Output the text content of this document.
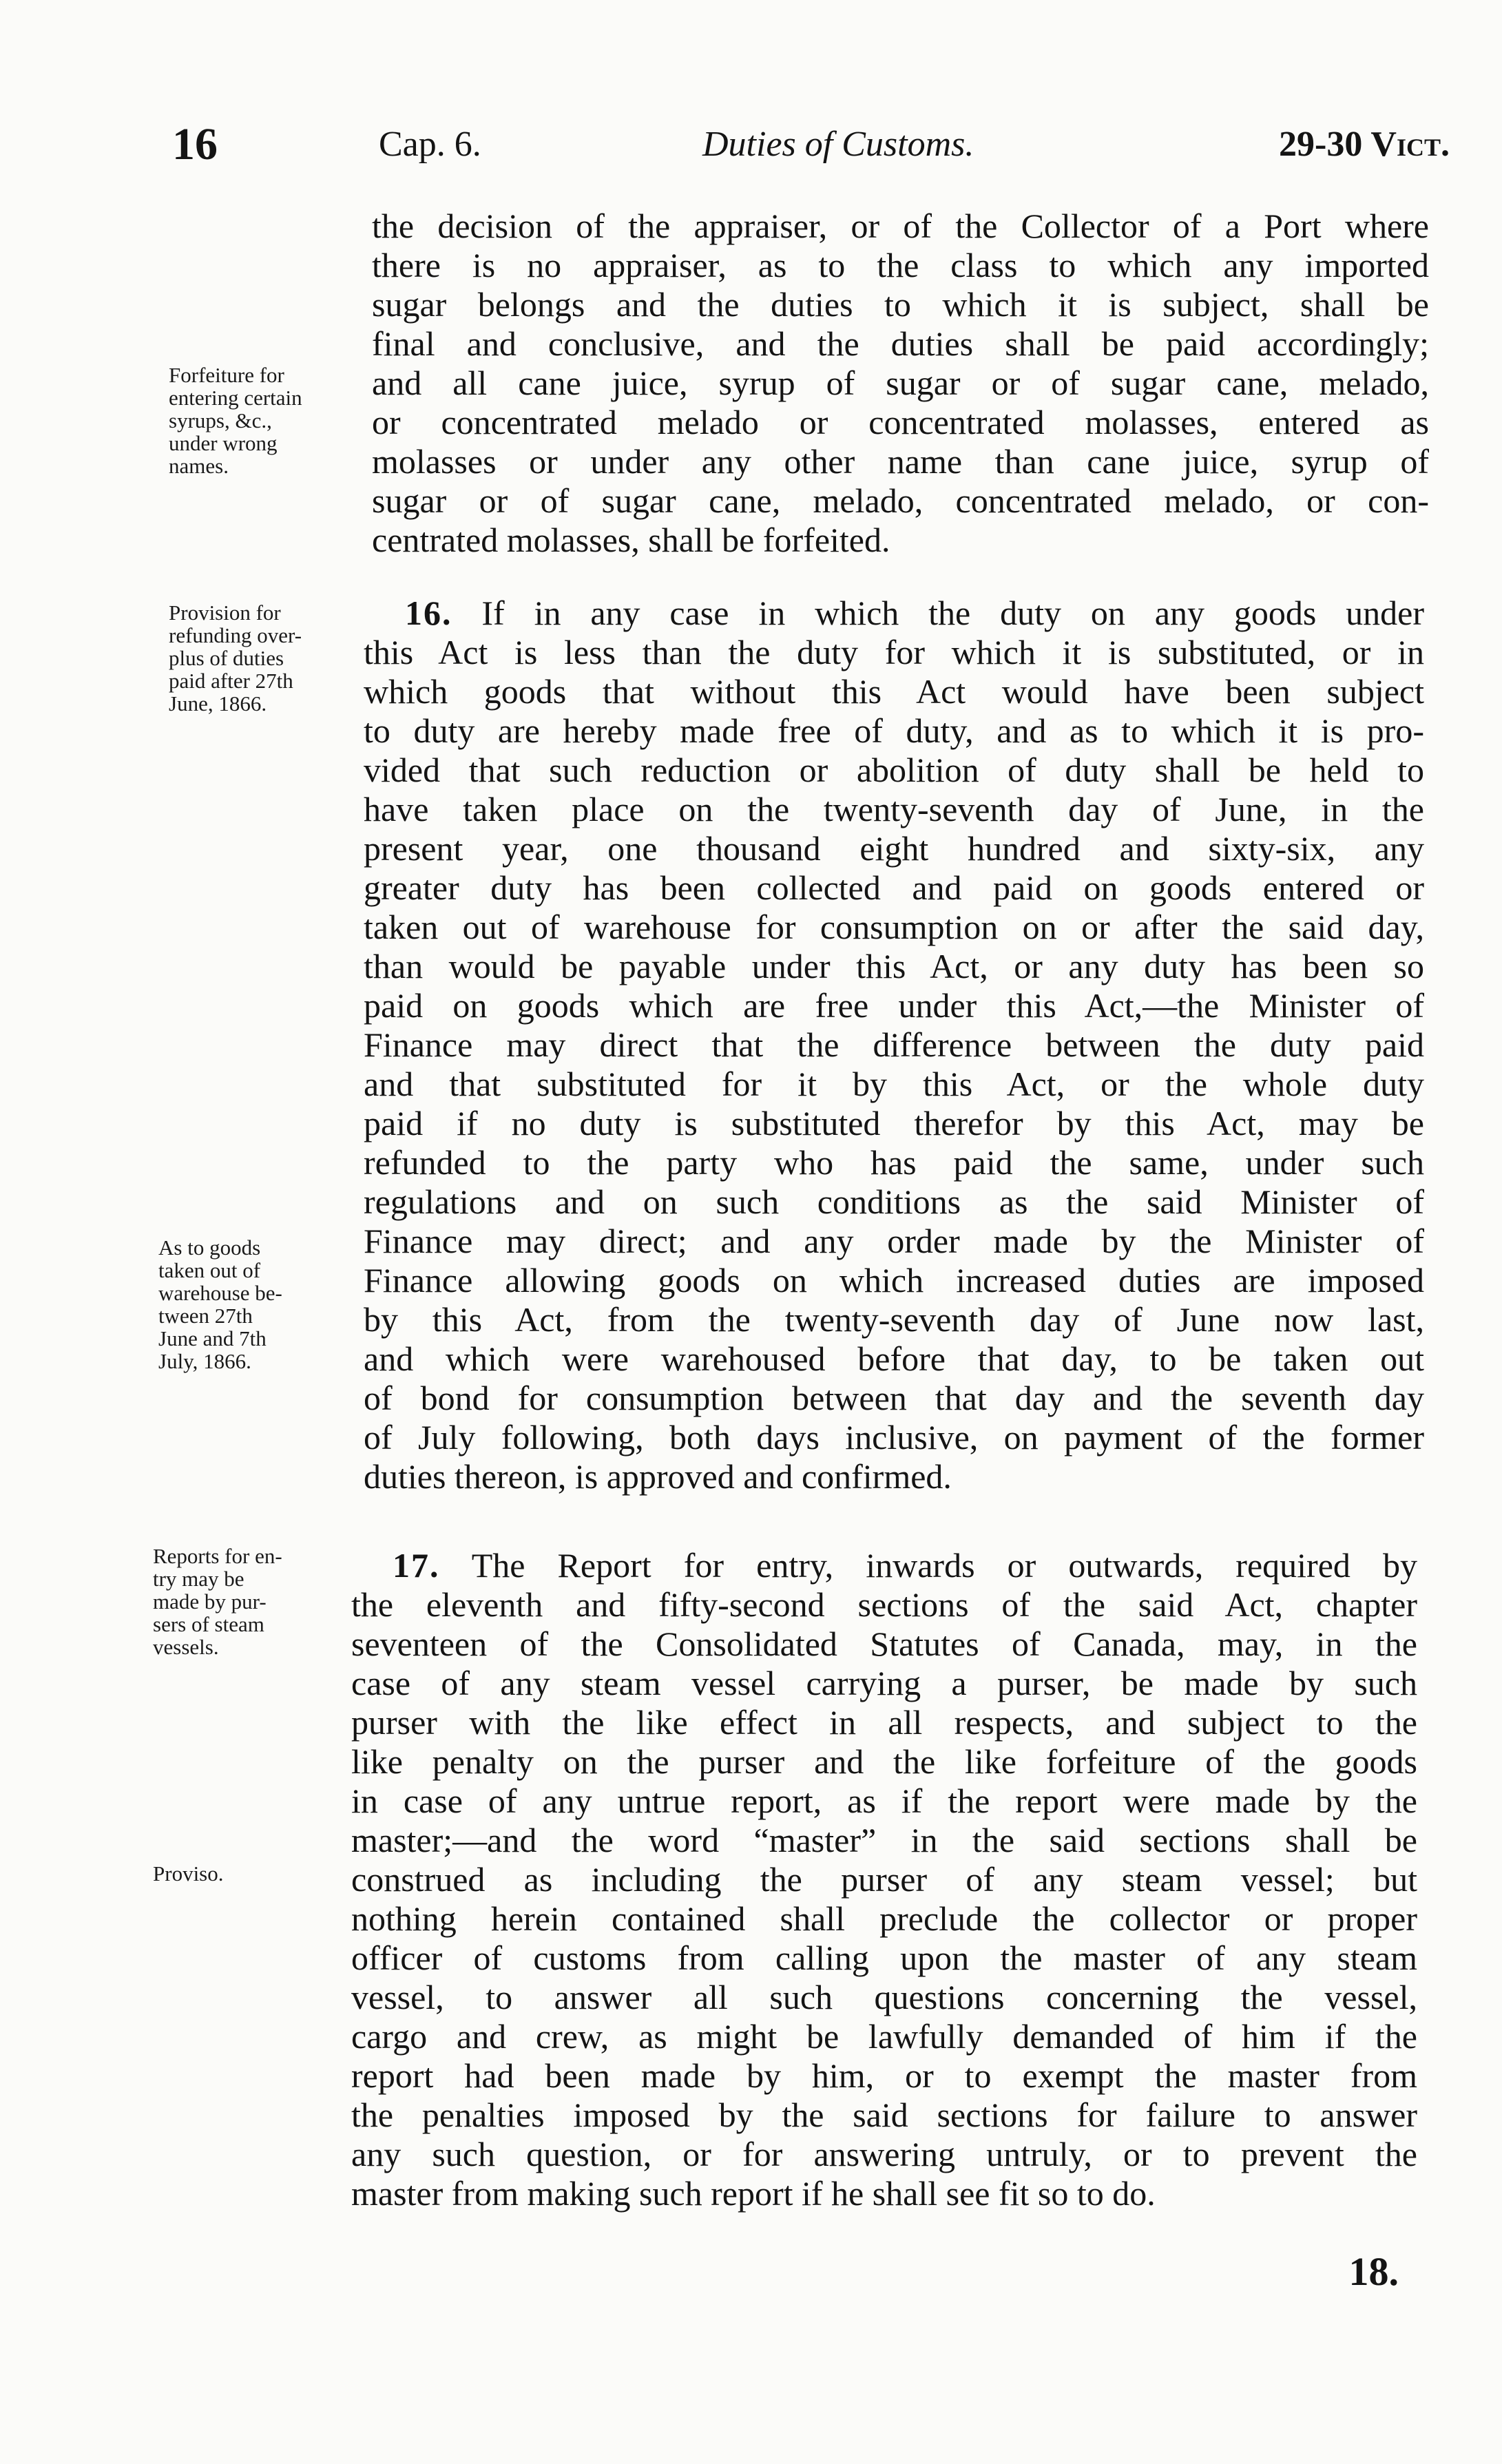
16	Cap. 6.	Duties of Customs.	29-30 Vict.
Forfeiture for
entering certain
syrups, &c.,
under wrong
names.
Provision for
refunding over-
plus of duties
paid after 27th
June, 1866.
As to goods
taken out of
warehouse be-
tween 27th
June and 7th
July, 1866.
Reports for en-
try may be
made by pur-
sers of steam
vessels.
Proviso.
the decision of the appraiser, or of the Collector of a Port where
there is no appraiser, as to the class to which any imported
sugar belongs and the duties to which it is subject, shall be
final and conclusive, and the duties shall be paid accordingly;
and all cane juice, syrup of sugar or of sugar cane, melado,
or concentrated melado or concentrated molasses, entered as
molasses or under any other name than cane juice, syrup of
sugar or of sugar cane, melado, concentrated melado, or con-
centrated molasses, shall be forfeited.
16. If in any case in which the duty on any goods under
this Act is less than the duty for which it is substituted, or in
which goods that without this Act would have been subject
to duty are hereby made free of duty, and as to which it is pro-
vided that such reduction or abolition of duty shall be held to
have taken place on the twenty-seventh day of June, in the
present year, one thousand eight hundred and sixty-six, any
greater duty has been collected and paid on goods entered or
taken out of warehouse for consumption on or after the said day,
than would be payable under this Act, or any duty has been so
paid on goods which are free under this Act,—the Minister of
Finance may direct that the difference between the duty paid
and that substituted for it by this Act, or the whole duty
paid if no duty is substituted therefor by this Act, may be
refunded to the party who has paid the same, under such
regulations and on such conditions as the said Minister of
Finance may direct; and any order made by the Minister of
Finance allowing goods on which increased duties are imposed
by this Act, from the twenty-seventh day of June now last,
and which were warehoused before that day, to be taken out
of bond for consumption between that day and the seventh day
of July following, both days inclusive, on payment of the former
duties thereon, is approved and confirmed.
17. The Report for entry, inwards or outwards, required by
the eleventh and fifty-second sections of the said Act, chapter
seventeen of the Consolidated Statutes of Canada, may, in the
case of any steam vessel carrying a purser, be made by such
purser with the like effect in all respects, and subject to the
like penalty on the purser and the like forfeiture of the goods
in case of any untrue report, as if the report were made by the
master;—and the word “master” in the said sections shall be
construed as including the purser of any steam vessel; but
nothing herein contained shall preclude the collector or proper
officer of customs from calling upon the master of any steam
vessel, to answer all such questions concerning the vessel,
cargo and crew, as might be lawfully demanded of him if the
report had been made by him, or to exempt the master from
the penalties imposed by the said sections for failure to answer
any such question, or for answering untruly, or to prevent the
master from making such report if he shall see fit so to do.
18.
